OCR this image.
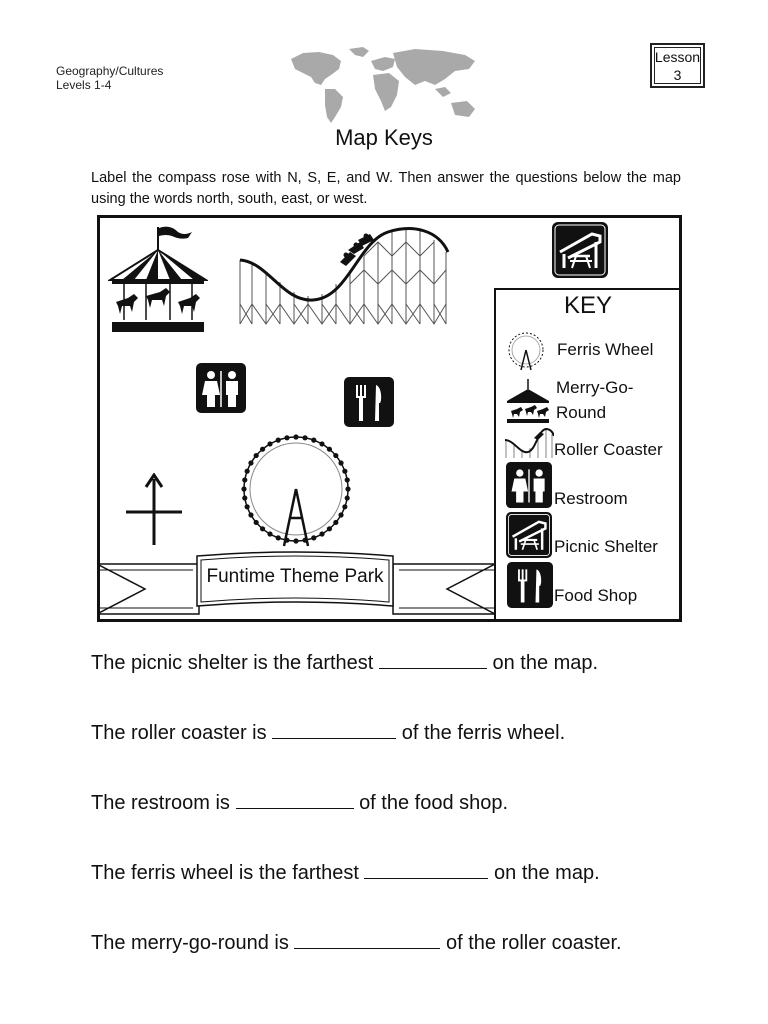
Geography/Cultures
Levels 1-4
Lesson
3
Map Keys
Label the compass rose with N, S, E, and W. Then answer the questions below the map using the words north, south, east, or west.
Funtime Theme Park
KEY
Ferris Wheel
Merry-Go-
Round
Roller Coaster
Restroom
Picnic Shelter
Food Shop
The picnic shelter is the farthest	on the map.
The roller coaster is	of the ferris wheel.
The restroom is	of the food shop.
The ferris wheel is the farthest	on the map.
The merry-go-round is	of the roller coaster.
